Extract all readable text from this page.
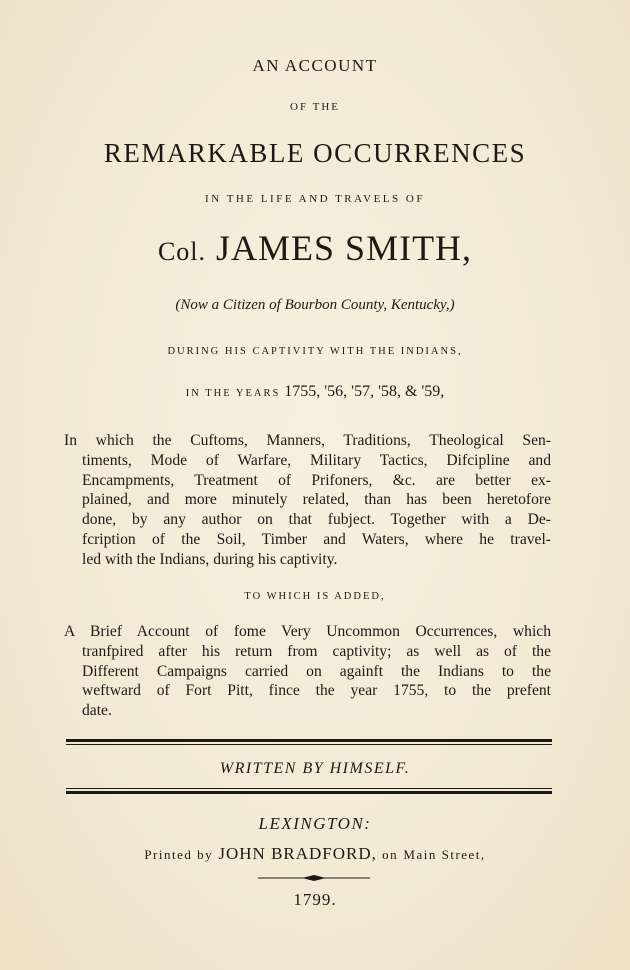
AN ACCOUNT
OF THE
REMARKABLE OCCURRENCES
IN THE LIFE AND TRAVELS OF
Col. JAMES SMITH,
(Now a Citizen of Bourbon County, Kentucky,)
DURING HIS CAPTIVITY WITH THE INDIANS,
IN THE YEARS 1755, '56, '57, '58, & '59,
In which the Cuftoms, Manners, Traditions, Theological Sen-
timents, Mode of Warfare, Military Tactics, Difcipline and
Encampments, Treatment of Prifoners, &c. are better ex-
plained, and more minutely related, than has been heretofore
done, by any author on that fubject. Together with a De-
fcription of the Soil, Timber and Waters, where he travel-
led with the Indians, during his captivity.
TO WHICH IS ADDED,
A Brief Account of fome Very Uncommon Occurrences, which
tranfpired after his return from captivity; as well as of the
Different Campaigns carried on againft the Indians to the
weftward of Fort Pitt, fince the year 1755, to the prefent
date.
WRITTEN BY HIMSELF.
LEXINGTON:
Printed by JOHN BRADFORD, on Main Street,
1799.
